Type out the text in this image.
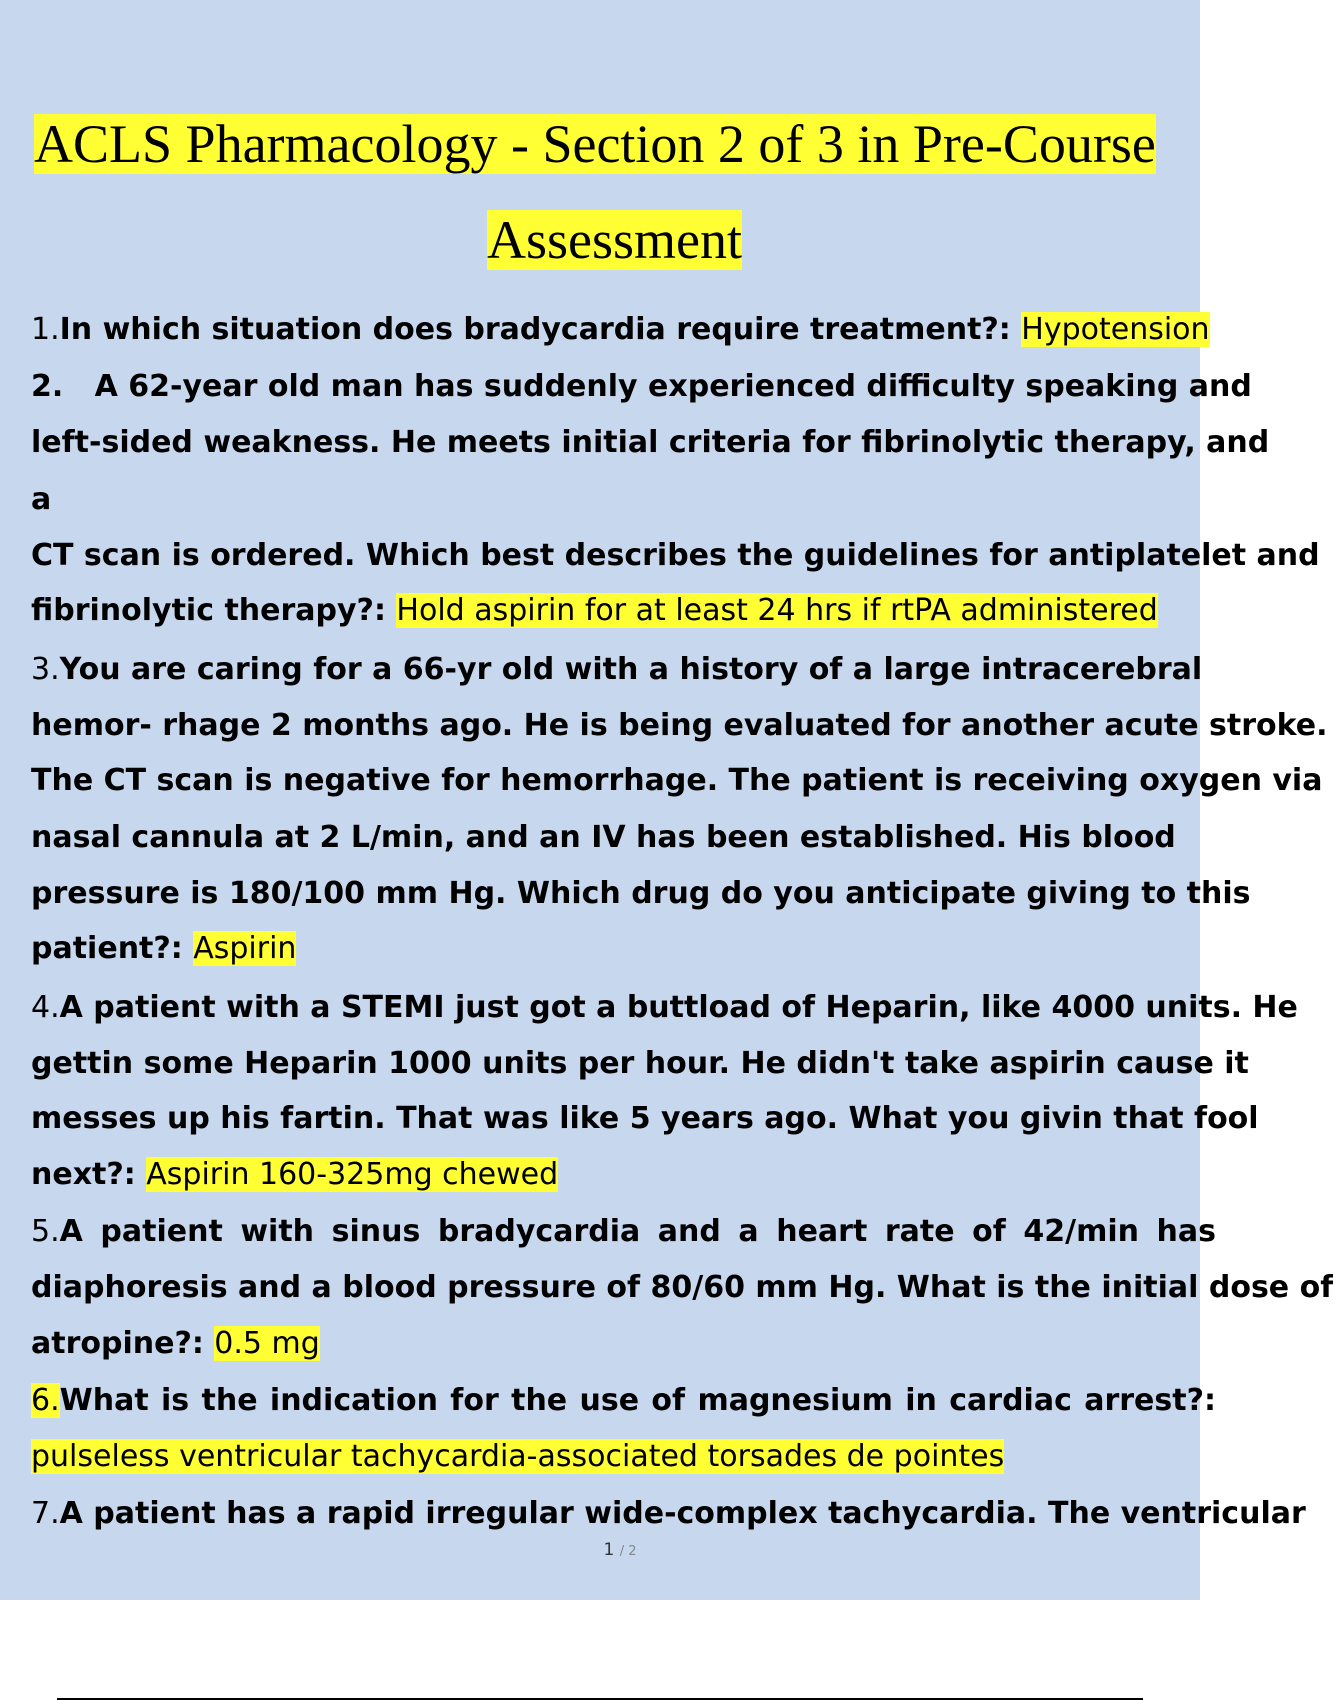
ACLS Pharmacology - Section 2 of 3 in Pre-Course
Assessment
1.In which situation does bradycardia require treatment?: Hypotension
2. A 62-year old man has suddenly experienced difficulty speaking and
left-sided weakness. He meets initial criteria for fibrinolytic therapy, and
a
CT scan is ordered. Which best describes the guidelines for antiplatelet and
fibrinolytic therapy?: Hold aspirin for at least 24 hrs if rtPA administered
3.You are caring for a 66-yr old with a history of a large intracerebral
hemor- rhage 2 months ago. He is being evaluated for another acute stroke.
The CT scan is negative for hemorrhage. The patient is receiving oxygen via
nasal cannula at 2 L/min, and an IV has been established. His blood
pressure is 180/100 mm Hg. Which drug do you anticipate giving to this
patient?: Aspirin
4.A patient with a STEMI just got a buttload of Heparin, like 4000 units. He
gettin some Heparin 1000 units per hour. He didn't take aspirin cause it
messes up his fartin. That was like 5 years ago. What you givin that fool
next?: Aspirin 160-325mg chewed
5.A patient with sinus bradycardia and a heart rate of 42/min has
diaphoresis and a blood pressure of 80/60 mm Hg. What is the initial dose of
atropine?: 0.5 mg
6.What is the indication for the use of magnesium in cardiac arrest?:
pulseless ventricular tachycardia-associated torsades de pointes
7.A patient has a rapid irregular wide-complex tachycardia. The ventricular
1 / 2
